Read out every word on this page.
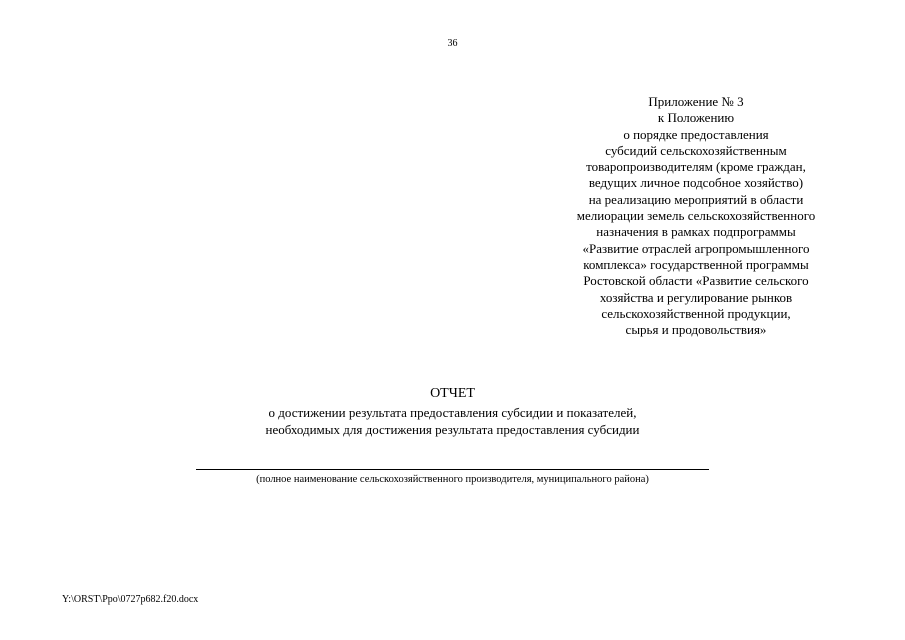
36
Приложение № 3
к Положению
о порядке предоставления
субсидий сельскохозяйственным
товаропроизводителям (кроме граждан,
ведущих личное подсобное хозяйство)
на реализацию мероприятий в области
мелиорации земель сельскохозяйственного
назначения в рамках подпрограммы
«Развитие отраслей агропромышленного
комплекса» государственной программы
Ростовской области «Развитие сельского
хозяйства и регулирование рынков
сельскохозяйственной продукции,
сырья и продовольствия»
ОТЧЕТ
о достижении результата предоставления субсидии и показателей,
необходимых для достижения результата предоставления субсидии
(полное наименование сельскохозяйственного производителя, муниципального района)
Y:\ORST\Ppo\0727p682.f20.docx
